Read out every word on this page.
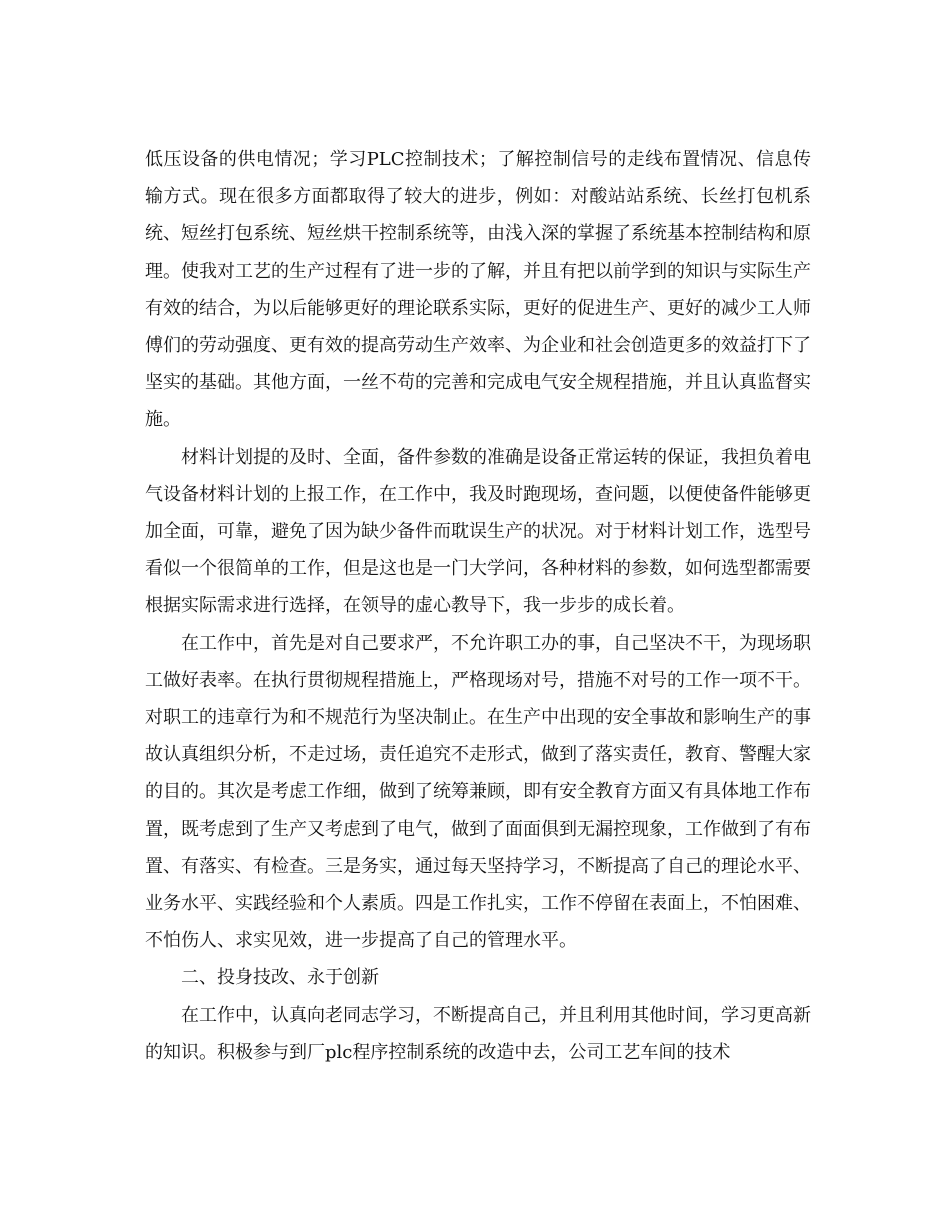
低压设备的供电情况；学习PLC控制技术；了解控制信号的走线布置情况、信息传输方式。现在很多方面都取得了较大的进步，例如：对酸站站系统、长丝打包机系统、短丝打包系统、短丝烘干控制系统等，由浅入深的掌握了系统基本控制结构和原理。使我对工艺的生产过程有了进一步的了解，并且有把以前学到的知识与实际生产有效的结合，为以后能够更好的理论联系实际，更好的促进生产、更好的减少工人师傅们的劳动强度、更有效的提高劳动生产效率、为企业和社会创造更多的效益打下了坚实的基础。其他方面，一丝不苟的完善和完成电气安全规程措施，并且认真监督实施。

材料计划提的及时、全面，备件参数的准确是设备正常运转的保证，我担负着电气设备材料计划的上报工作，在工作中，我及时跑现场，查问题，以便使备件能够更加全面，可靠，避免了因为缺少备件而耽误生产的状况。对于材料计划工作，选型号看似一个很简单的工作，但是这也是一门大学问，各种材料的参数，如何选型都需要根据实际需求进行选择，在领导的虚心教导下，我一步步的成长着。

在工作中，首先是对自己要求严，不允许职工办的事，自己坚决不干，为现场职工做好表率。在执行贯彻规程措施上，严格现场对号，措施不对号的工作一项不干。对职工的违章行为和不规范行为坚决制止。在生产中出现的安全事故和影响生产的事故认真组织分析，不走过场，责任追究不走形式，做到了落实责任，教育、警醒大家的目的。其次是考虑工作细，做到了统筹兼顾，即有安全教育方面又有具体地工作布置，既考虑到了生产又考虑到了电气，做到了面面俱到无漏控现象，工作做到了有布置、有落实、有检查。三是务实，通过每天坚持学习，不断提高了自己的理论水平、业务水平、实践经验和个人素质。四是工作扎实，工作不停留在表面上，不怕困难、不怕伤人、求实见效，进一步提高了自己的管理水平。

二、投身技改、永于创新

在工作中，认真向老同志学习，不断提高自己，并且利用其他时间，学习更高新的知识。积极参与到厂plc程序控制系统的改造中去，公司工艺车间的技术
